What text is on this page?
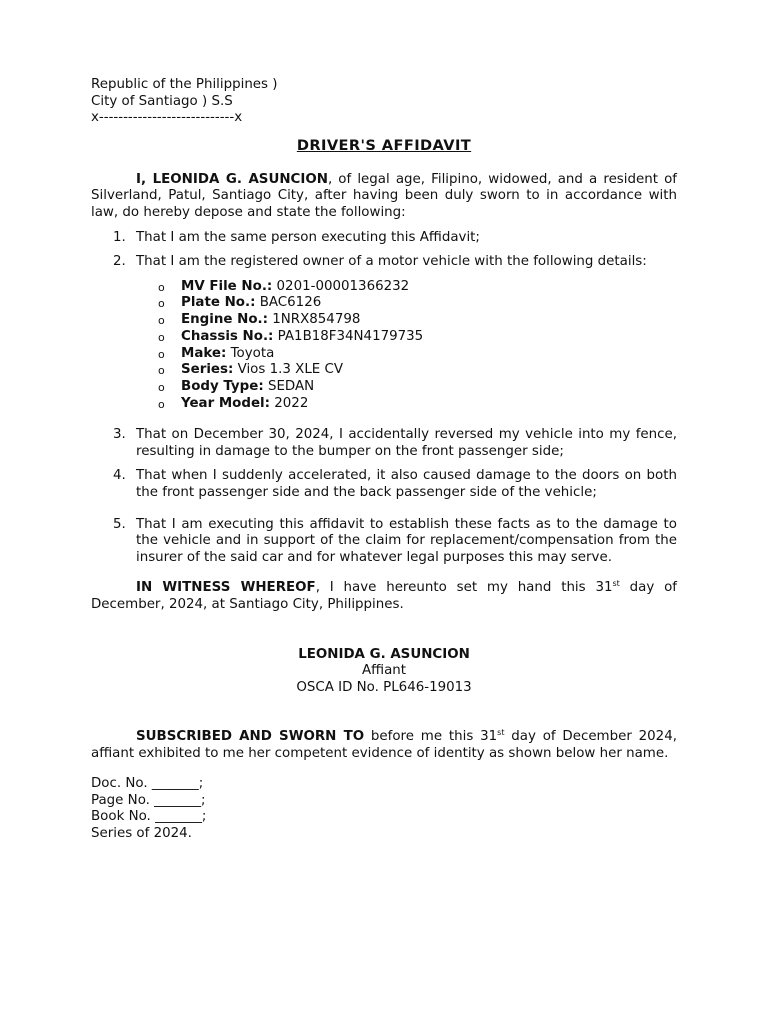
Republic of the Philippines )
City of Santiago ) S.S
x----------------------------x
DRIVER'S AFFIDAVIT

I, LEONIDA G. ASUNCION, of legal age, Filipino, widowed, and a resident of Silverland, Patul, Santiago City, after having been duly sworn to in accordance with law, do hereby depose and state the following:

1. That I am the same person executing this Affidavit;
2. That I am the registered owner of a motor vehicle with the following details:
o MV File No.: 0201-00001366232
o Plate No.: BAC6126
o Engine No.: 1NRX854798
o Chassis No.: PA1B18F34N4179735
o Make: Toyota
o Series: Vios 1.3 XLE CV
o Body Type: SEDAN
o Year Model: 2022
3. That on December 30, 2024, I accidentally reversed my vehicle into my fence, resulting in damage to the bumper on the front passenger side;
4. That when I suddenly accelerated, it also caused damage to the doors on both the front passenger side and the back passenger side of the vehicle;
5. That I am executing this affidavit to establish these facts as to the damage to the vehicle and in support of the claim for replacement/compensation from the insurer of the said car and for whatever legal purposes this may serve.

IN WITNESS WHEREOF, I have hereunto set my hand this 31st day of December, 2024, at Santiago City, Philippines.

LEONIDA G. ASUNCION
Affiant
OSCA ID No. PL646-19013

SUBSCRIBED AND SWORN TO before me this 31st day of December 2024, affiant exhibited to me her competent evidence of identity as shown below her name.

Doc. No. _______;
Page No. _______;
Book No. _______;
Series of 2024.
